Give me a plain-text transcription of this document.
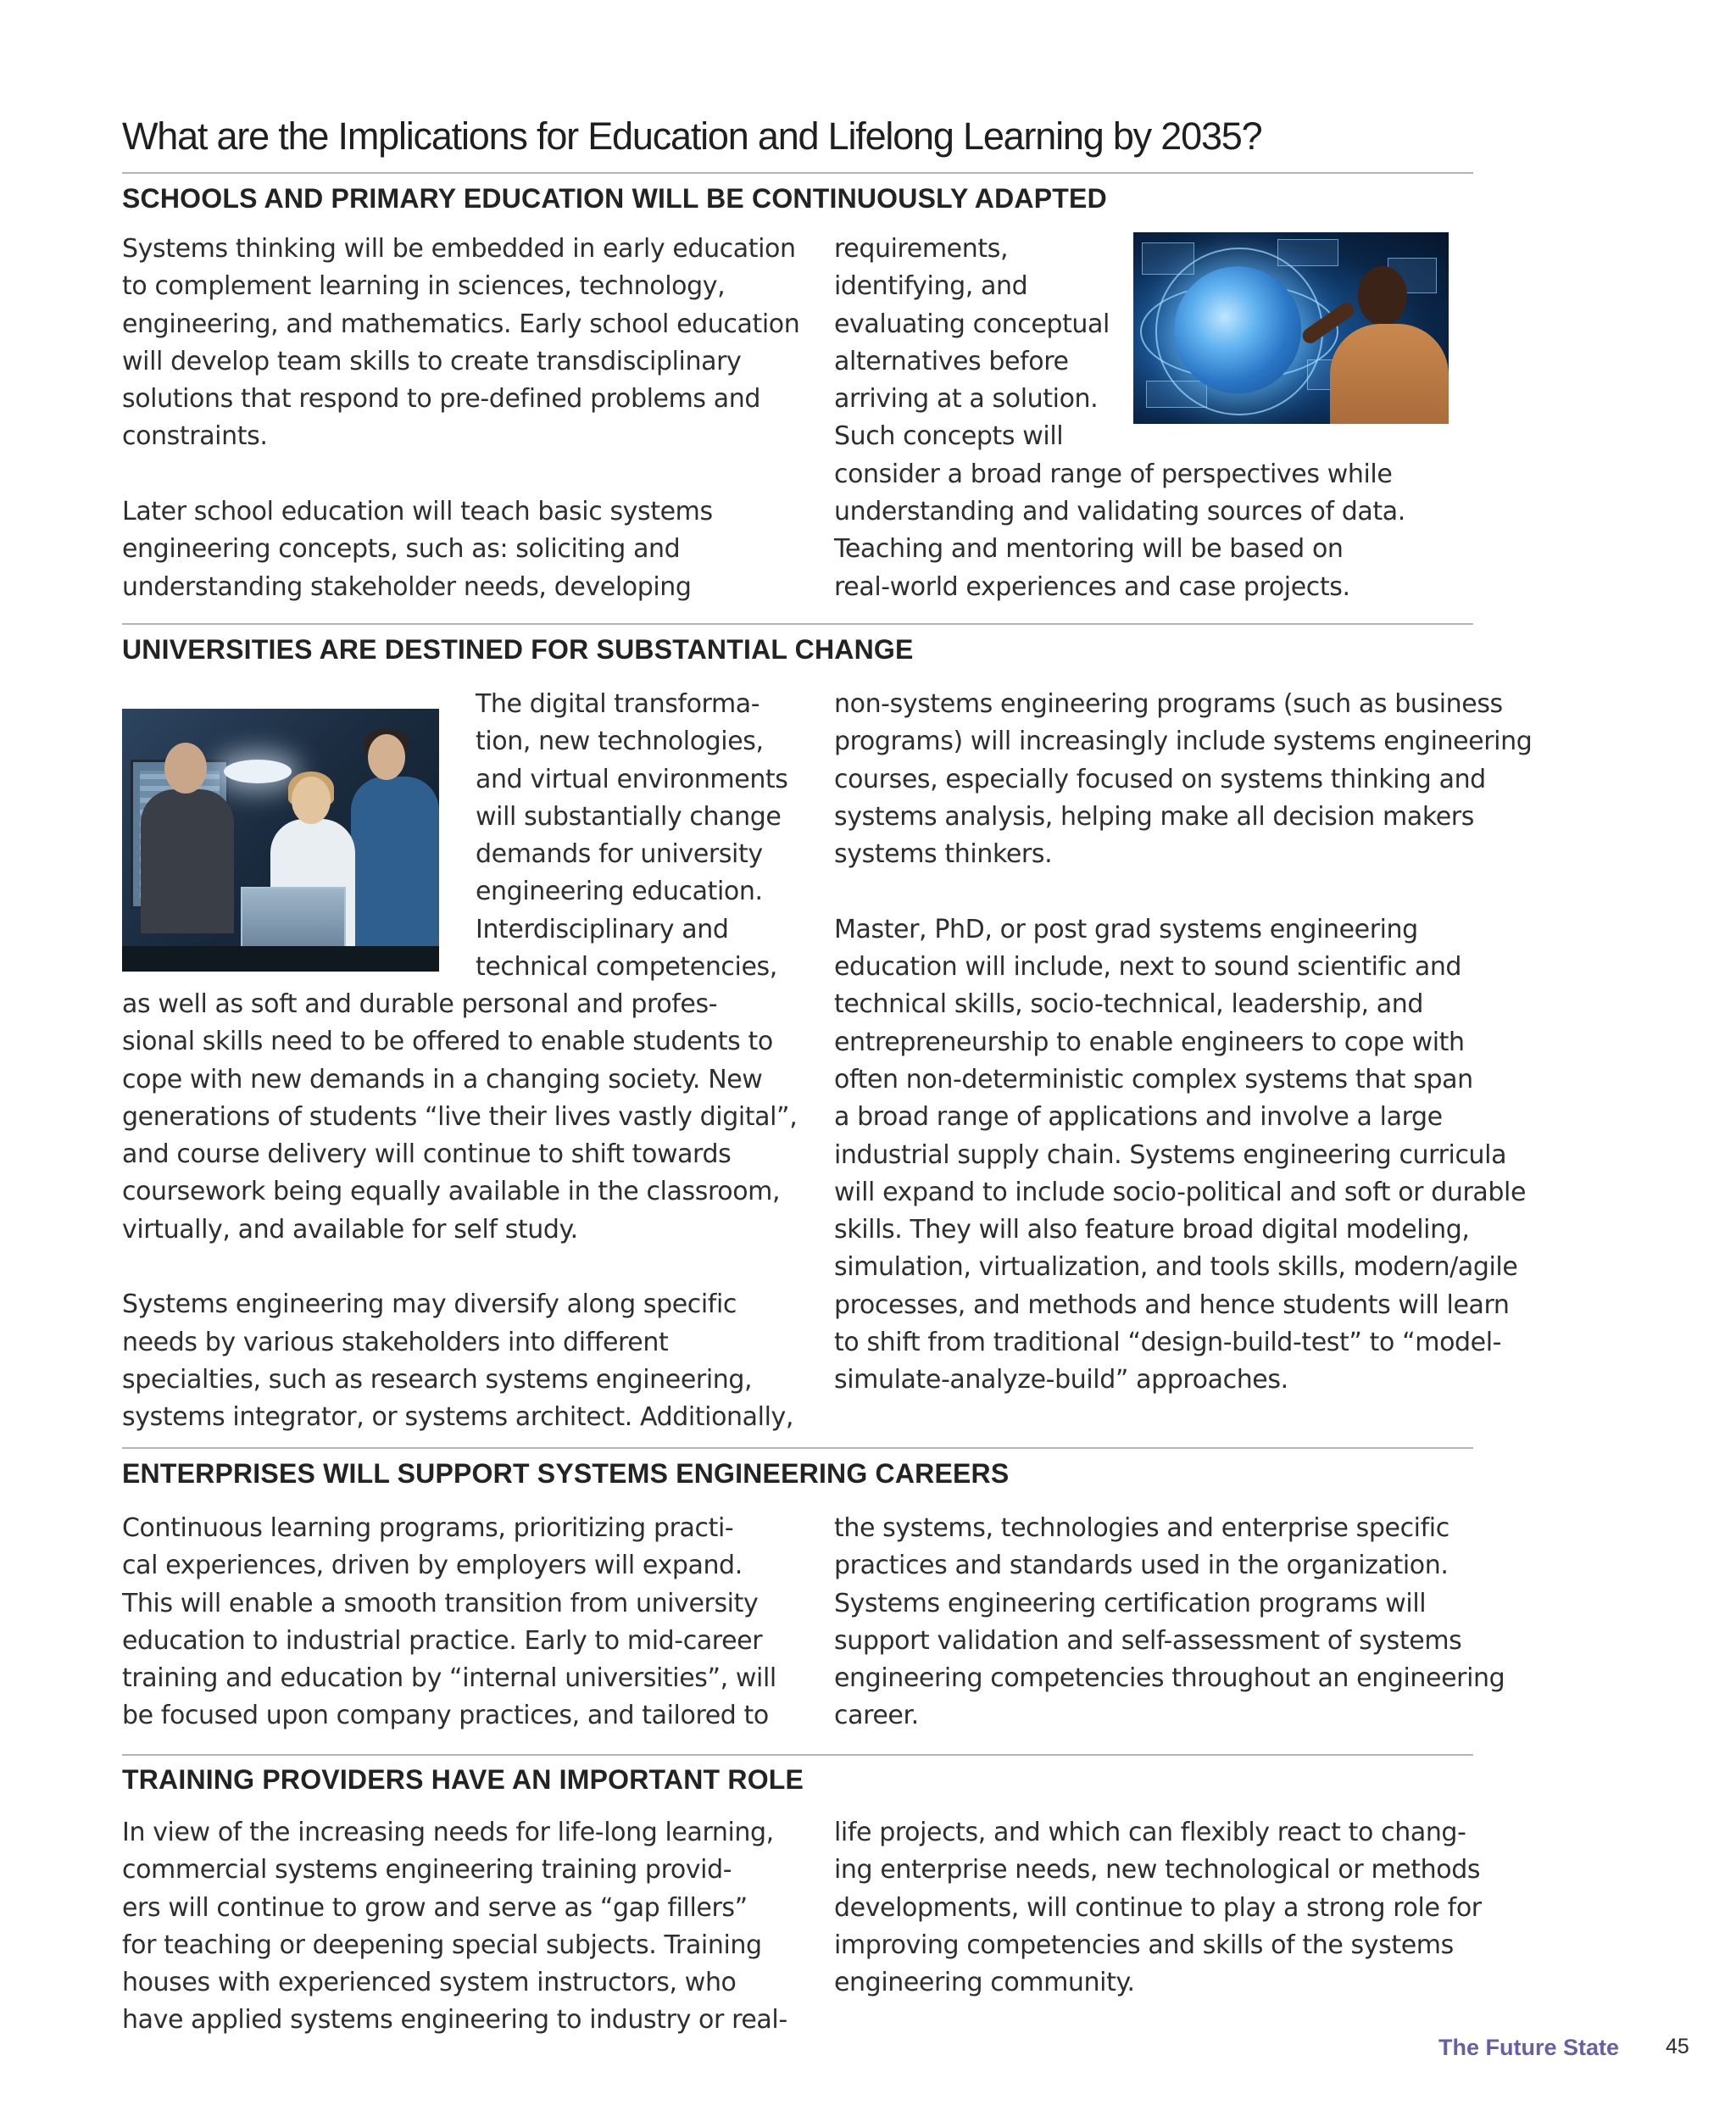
What are the Implications for Education and Lifelong Learning by 2035?
SCHOOLS AND PRIMARY EDUCATION WILL BE CONTINUOUSLY ADAPTED
Systems thinking will be embedded in early education
to complement learning in sciences, technology,
engineering, and mathematics. Early school education
will develop team skills to create transdisciplinary
solutions that respond to pre-defined problems and
constraints.
Later school education will teach basic systems
engineering concepts, such as: soliciting and
understanding stakeholder needs, developing
requirements,
identifying, and
evaluating conceptual
alternatives before
arriving at a solution.
Such concepts will
consider a broad range of perspectives while
understanding and validating sources of data.
Teaching and mentoring will be based on
real-world experiences and case projects.
UNIVERSITIES ARE DESTINED FOR SUBSTANTIAL CHANGE
The digital transforma-
tion, new technologies,
and virtual environments
will substantially change
demands for university
engineering education.
Interdisciplinary and
technical competencies,
as well as soft and durable personal and profes-
sional skills need to be offered to enable students to
cope with new demands in a changing society. New
generations of students “live their lives vastly digital”,
and course delivery will continue to shift towards
coursework being equally available in the classroom,
virtually, and available for self study.
Systems engineering may diversify along specific
needs by various stakeholders into different
specialties, such as research systems engineering,
systems integrator, or systems architect. Additionally,
non-systems engineering programs (such as business
programs) will increasingly include systems engineering
courses, especially focused on systems thinking and
systems analysis, helping make all decision makers
systems thinkers.
Master, PhD, or post grad systems engineering
education will include, next to sound scientific and
technical skills, socio-technical, leadership, and
entrepreneurship to enable engineers to cope with
often non-deterministic complex systems that span
a broad range of applications and involve a large
industrial supply chain. Systems engineering curricula
will expand to include socio-political and soft or durable
skills. They will also feature broad digital modeling,
simulation, virtualization, and tools skills, modern/agile
processes, and methods and hence students will learn
to shift from traditional “design-build-test” to “model-
simulate-analyze-build” approaches.
ENTERPRISES WILL SUPPORT SYSTEMS ENGINEERING CAREERS
Continuous learning programs, prioritizing practi-
cal experiences, driven by employers will expand.
This will enable a smooth transition from university
education to industrial practice. Early to mid-career
training and education by “internal universities”, will
be focused upon company practices, and tailored to
the systems, technologies and enterprise specific
practices and standards used in the organization.
Systems engineering certification programs will
support validation and self-assessment of systems
engineering competencies throughout an engineering
career.
TRAINING PROVIDERS HAVE AN IMPORTANT ROLE
In view of the increasing needs for life-long learning,
commercial systems engineering training provid-
ers will continue to grow and serve as “gap fillers”
for teaching or deepening special subjects. Training
houses with experienced system instructors, who
have applied systems engineering to industry or real-
life projects, and which can flexibly react to chang-
ing enterprise needs, new technological or methods
developments, will continue to play a strong role for
improving competencies and skills of the systems
engineering community.

The Future State 45
